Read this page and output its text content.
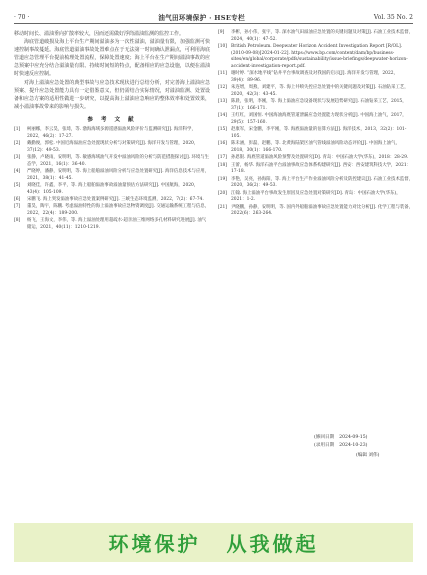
· 70 ·	油气田环境保护 · HSE专栏	Vol. 35 No. 2

移动时间长、溢油垂向扩散率较大，因而还需做好浮筒溢油监测的监控工作。

海底管道破损及海上平台生产期间溢油多为一次性溢油，溢油量有限，加强监测可快速控制事故蔓延。海底管道溢油事故处置难点在于无法第一时间确认泄漏点，可利用海底管道应急管理平台提前梳理处置流程，保障处置速度；海上平台在生产期间溢油事故的应急预案中应充分结合溢油量有限、持续时间短的特点，配备相应的应急设施，以便在溢油时快速反应控制。

对海上溢油应急处置的典型事故与应急技术现状进行总结分析，对完善海上溢油应急预案、提升应急处置能力具有一定借鉴意义，但仍需结合实际情况，对溢油监测、处置设备和应急方案的适用性做进一步研究，以提高海上溢油应急响应的整体效率和处置效果，减小溢油事故带来的影响与损失。

参 考 文 献
[1]	柯丽娜，李云昊，张琦，等. 渤海海域多源遥感溢油风险评价与监测研究[J]. 海洋科学，2022，46(2)：17-27.
[2]	戴勤俊，郭松. 中国近海溢油应急处置现状分析与对策研究[J]. 海洋开发与管理，2020，37(12)：49-53.
[3]	张静，卢晓雨，安明明，等. 敏感海域油气开发中溢油风险的分析与防范措施探讨[J]. 环境与生态学，2021，16(1)：36-40.
[4]	严晓婷，潘静，安明明，等. 海上船舶溢油风险分析与应急处置研究[J]. 海洋信息技术与应用，2021，38(1)：41-45.
[5]	刘晓佳，许鑫，李平，等. 海上船舶溢油事故溢油量预估方法研究[J]. 中国航海，2020，43(4)：105-109.
[6]	宋鹏飞. 海上突发溢油事故应急处置案例研究[J]. 三峡生态环境监测，2022，7(2)：67-74.
[7]	董昊，陶宇，陈鹏. 考虑溢油特性的海上溢油事故应急物资调度[J]. 交通运输系统工程与信息，2022，22(4)：189-200.
[8]	杨飞，王海文，李伟，等. 海上溢油处理用超疏水-超亲油三维网络多孔材料研究进展[J]. 油气储运，2021，40(11)：1210-1219.
[9]	李彬，孙小伟，张宇，等. 深水油气田溢油应急处置的关键问题及对策[J]. 石油工业技术监督，2024，40(1)：47-52.
[10] British Petroleum. Deepwater Horizon Accident Investigation Report [R/OL]. (2010-09-08)[2024-01-22]. https://www.bp.com/content/dam/bp/business-sites/en/global/corporate/pdfs/sustainability/issue-briefings/deepwater-horizon-accident-investigation-report.pdf.
[11] 谢时婷. “深水地平线”钻井平台事故调查及对我国的启示[J]. 海洋开发与管理，2022，39(4)：89-96.
[12] 朱连增，周燕，刘建平，等. 海上井喷失控应急处置中的关键问题及对策[J]. 石油钻采工艺，2020，42(3)：43-45.
[13] 陈晨，张明，李刚，等. 海上溢油应急设备现状与发展趋势研究[J]. 石油钻采工艺，2015，37(1)：166-171.
[14] 王红红，刘国恒. 中国海油海底管道泄漏应急处置能力现状分析[J]. 中国海上油气，2017，29(5)：157-160.
[15] 赵康军，宋金鹏，李平刚，等. 海底溢油量的估算方法[J]. 海洋技术，2013，32(2)：101-105.
[16] 陈未涵，彭磊，赵鹏，等. 北黄海陆架区油气管线溢油风险动态评价[J]. 中国海上油气，2018，30(1)：166-170.
[17] 孙恩银. 海底管道溢油风险预警及处置研究[D]. 青岛：中国石油大学(华东)，2018：28-29.
[18] 王蕾，杨华. 海洋石油平台溢油事故应急体系构建研究[J]. 西安：西安建筑科技大学，2021：17-18.
[19] 李艳，吴亮，孙海阳，等. 海上平台生产作业溢油风险分析及防控建议[J]. 石油工业技术监督，2020，36(2)：49-53.
[20] 江翰. 海上溢油平台事故发生原因及应急处置对策研究[D]. 青岛：中国石油大学(华东)，2021：1-2.
[21] 尹晓鹏，孙静，安明明，等. 国内外船舶溢油事故应急处置能力对比分析[J]. 化学工程与装备，2022(6)：263-264.
(修回日期 2024-09-15)
(录用日期 2024-10-23)
(编辑 刘伟)
环境保护 从我做起
